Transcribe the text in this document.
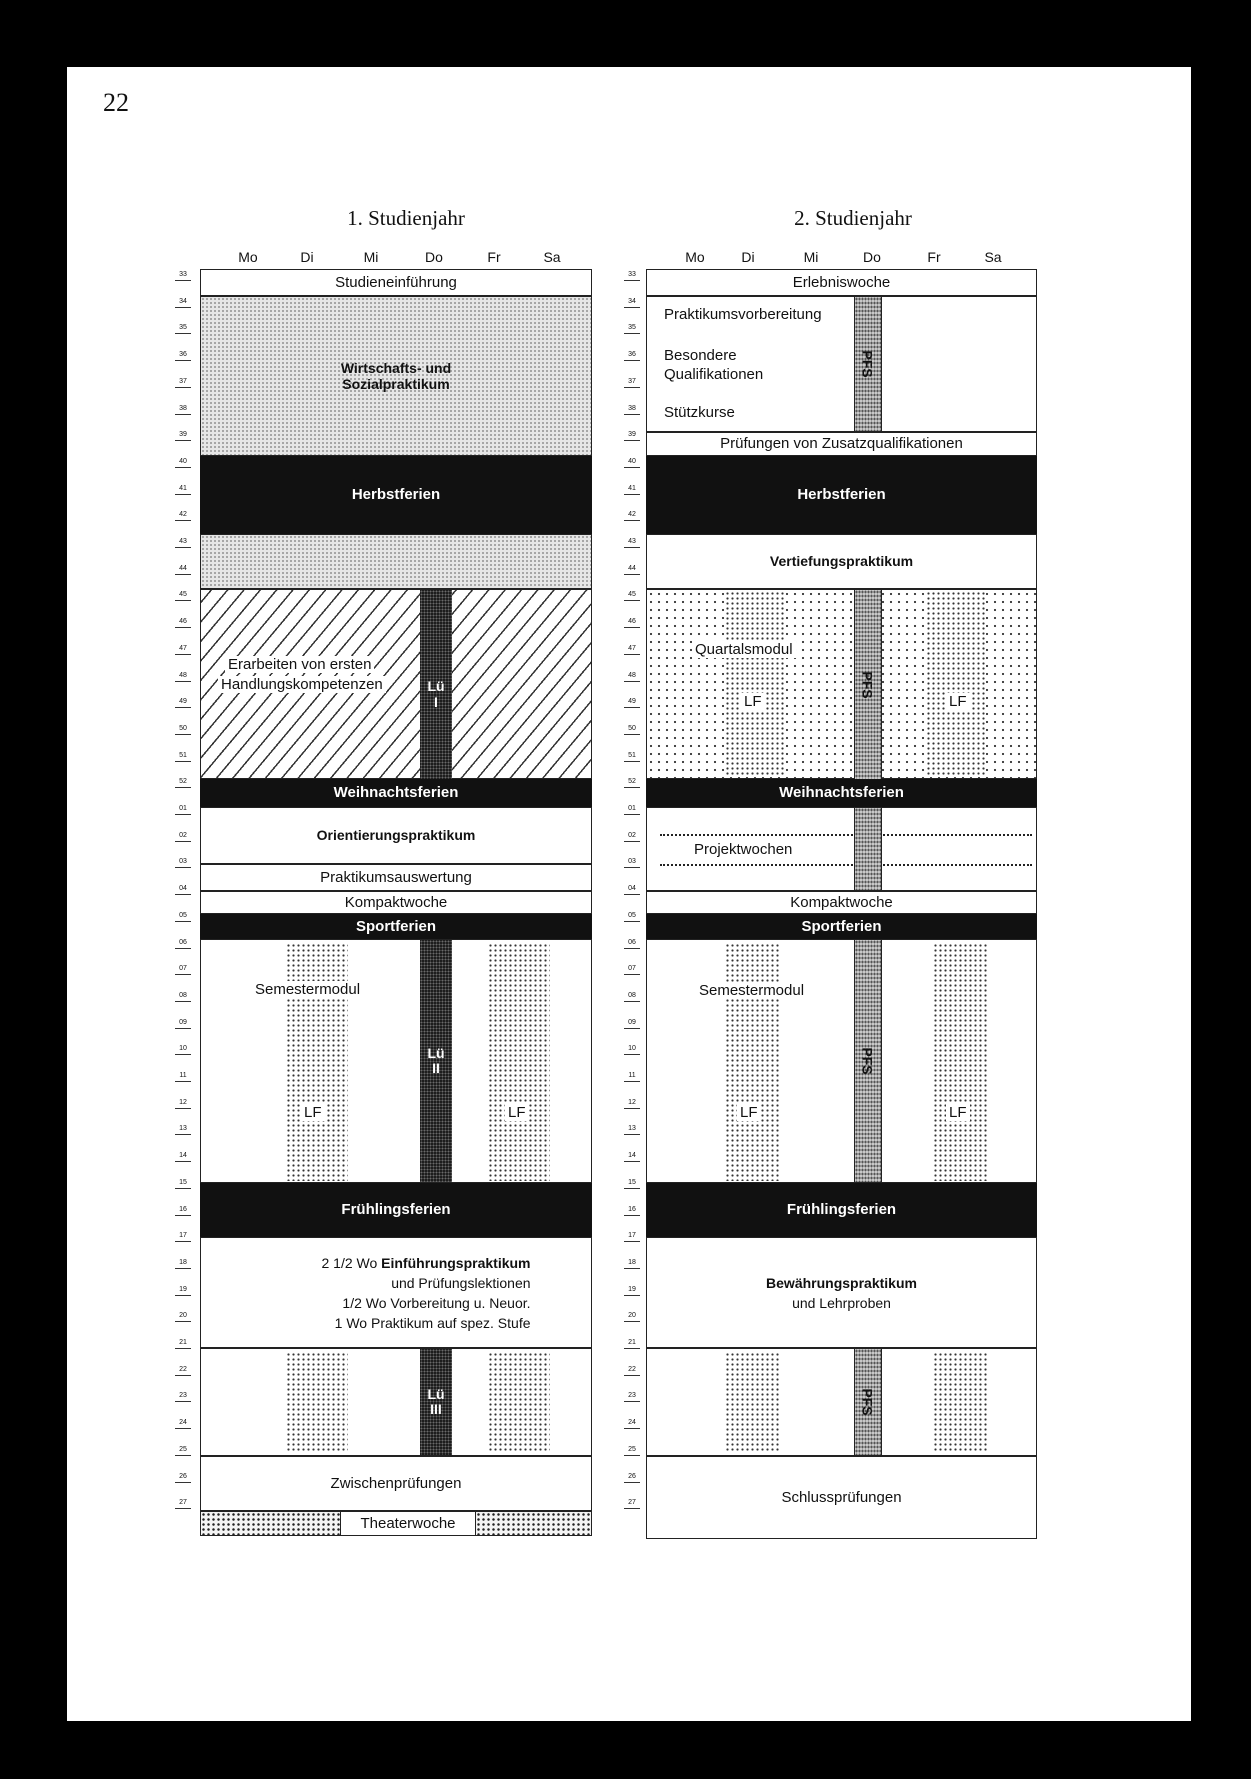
22
1. Studienjahr	2. Studienjahr
Mo	Di	Mi	Do	Fr	Sa	Mo	Di	Mi	Do	Fr	Sa
33
34
35
36
37
38
39
40
41
42
43
44
45
46
47
48
49
50
51
52
01
02
03
04
05
06
07
08
09
10
11
12
13
14
15
16
17
18
19
20
21
22
23
24
25
26
27
33
34
35
36
37
38
39
40
41
42
43
44
45
46
47
48
49
50
51
52
01
02
03
04
05
06
07
08
09
10
11
12
13
14
15
16
17
18
19
20
21
22
23
24
25
26
27
Studieneinführung
Wirtschafts- und
Sozialpraktikum
Herbstferien
Erarbeiten von ersten
Handlungskompetenzen	Lü
I
Weihnachtsferien
Orientierungspraktikum
Praktikumsauswertung
Kompaktwoche
Sportferien
Semestermodul
LF	LF
Lü
II
Frühlingsferien
2 1/2 Wo Einführungspraktikum
und Prüfungslektionen
1/2 Wo Vorbereitung u. Neuor.
1 Wo Praktikum auf spez. Stufe
Lü
III
Zwischenprüfungen
Theaterwoche
Erlebniswoche
Praktikumsvorbereitung
Besondere
Qualifikationen
Stützkurse
PFS
Prüfungen von Zusatzqualifikationen
Herbstferien
Vertiefungspraktikum
Quartalsmodul
LF	LF
PFS
Weihnachtsferien
Projektwochen
Kompaktwoche
Sportferien
Semestermodul
LF	LF
PFS
Frühlingsferien
Bewährungspraktikum
und Lehrproben
PFS
Schlussprüfungen
